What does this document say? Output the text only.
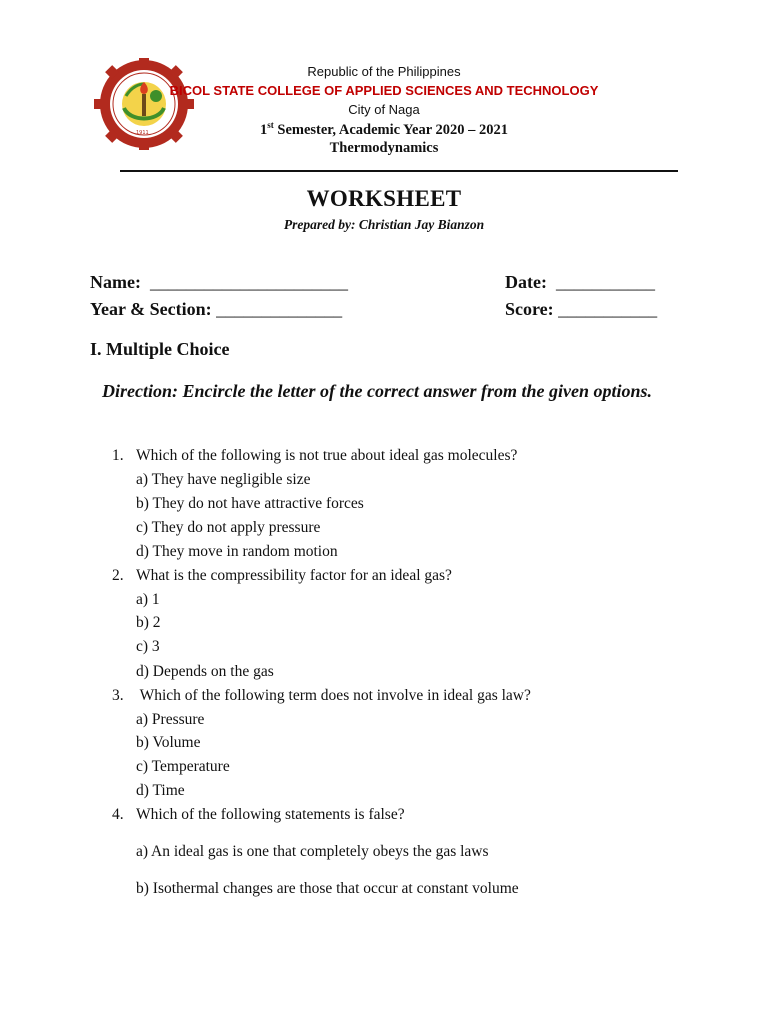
1911
Republic of the Philippines
BICOL STATE COLLEGE OF APPLIED SCIENCES AND TECHNOLOGY
City of Naga
1st Semester, Academic Year 2020 – 2021
Thermodynamics
WORKSHEET
Prepared by: Christian Jay Bianzon
Name: ______________________	Date: ___________
Year & Section: ______________	Score: ___________
I. Multiple Choice
Direction: Encircle the letter of the correct answer from the given options.
1. Which of the following is not true about ideal gas molecules?
a) They have negligible size
b) They do not have attractive forces
c) They do not apply pressure
d) They move in random motion
2. What is the compressibility factor for an ideal gas?
a) 1
b) 2
c) 3
d) Depends on the gas
3. Which of the following term does not involve in ideal gas law?
a) Pressure
b) Volume
c) Temperature
d) Time
4. Which of the following statements is false?
a) An ideal gas is one that completely obeys the gas laws
b) Isothermal changes are those that occur at constant volume
